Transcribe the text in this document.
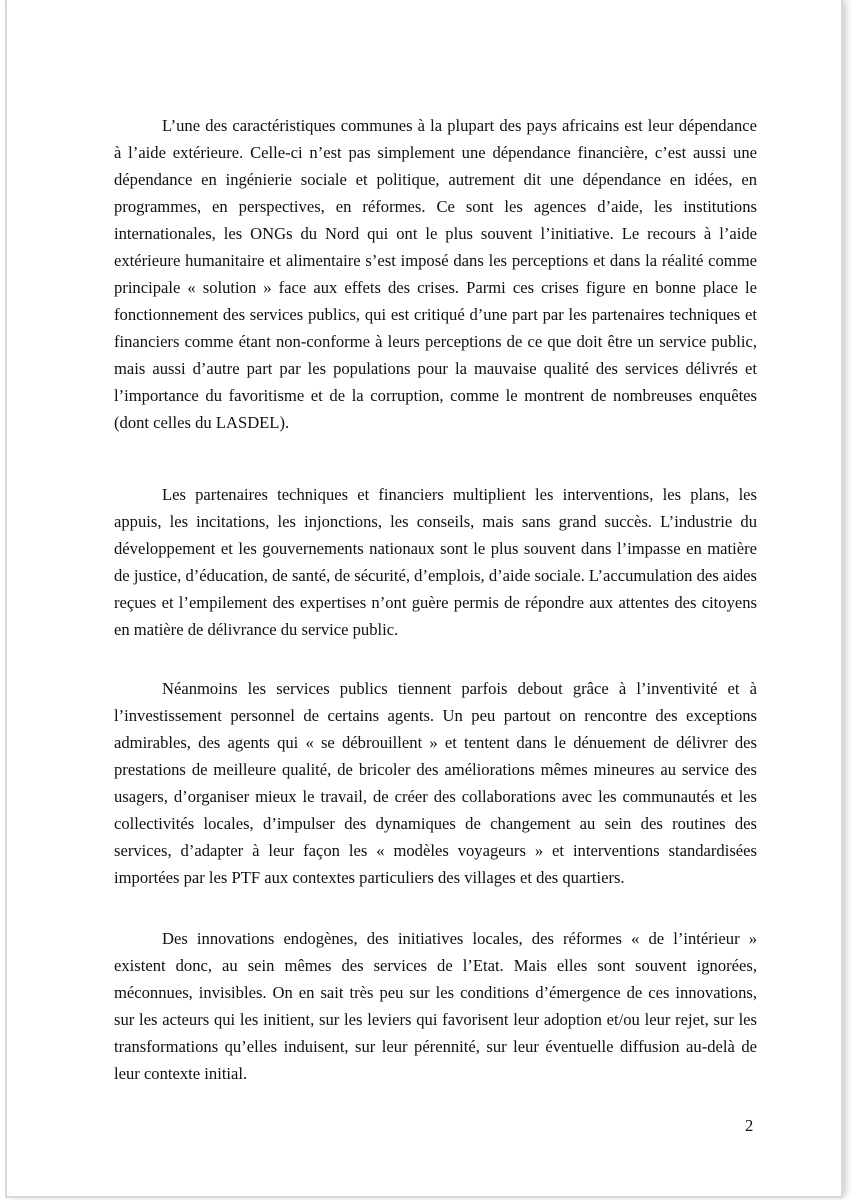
L’une des caractéristiques communes à la plupart des pays africains est leur dépendance à l’aide extérieure. Celle-ci n’est pas simplement une dépendance financière, c’est aussi une dépendance en ingénierie sociale et politique, autrement dit une dépendance en idées, en programmes, en perspectives, en réformes. Ce sont les agences d’aide, les institutions internationales, les ONGs du Nord qui ont le plus souvent l’initiative. Le recours à l’aide extérieure humanitaire et alimentaire s’est imposé dans les perceptions et dans la réalité comme principale « solution » face aux effets des crises. Parmi ces crises figure en bonne place le fonctionnement des services publics, qui est critiqué d’une part par les partenaires techniques et financiers comme étant non-conforme à leurs perceptions de ce que doit être un service public, mais aussi d’autre part par les populations pour la mauvaise qualité des services délivrés et l’importance du favoritisme et de la corruption, comme le montrent de nombreuses enquêtes (dont celles du LASDEL).

Les partenaires techniques et financiers multiplient les interventions, les plans, les appuis, les incitations, les injonctions, les conseils, mais sans grand succès. L’industrie du développement et les gouvernements nationaux sont le plus souvent dans l’impasse en matière de justice, d’éducation, de santé, de sécurité, d’emplois, d’aide sociale. L’accumulation des aides reçues et l’empilement des expertises n’ont guère permis de répondre aux attentes des citoyens en matière de délivrance du service public.

Néanmoins les services publics tiennent parfois debout grâce à l’inventivité et à l’investissement personnel de certains agents. Un peu partout on rencontre des exceptions admirables, des agents qui « se débrouillent » et tentent dans le dénuement de délivrer des prestations de meilleure qualité, de bricoler des améliorations mêmes mineures au service des usagers, d’organiser mieux le travail, de créer des collaborations avec les communautés et les collectivités locales, d’impulser des dynamiques de changement au sein des routines des services, d’adapter à leur façon les « modèles voyageurs » et interventions standardisées importées par les PTF aux contextes particuliers des villages et des quartiers.

Des innovations endogènes, des initiatives locales, des réformes « de l’intérieur » existent donc, au sein mêmes des services de l’Etat. Mais elles sont souvent ignorées, méconnues, invisibles. On en sait très peu sur les conditions d’émergence de ces innovations, sur les acteurs qui les initient, sur les leviers qui favorisent leur adoption et/ou leur rejet, sur les transformations qu’elles induisent, sur leur pérennité, sur leur éventuelle diffusion au-delà de leur contexte initial.

2
